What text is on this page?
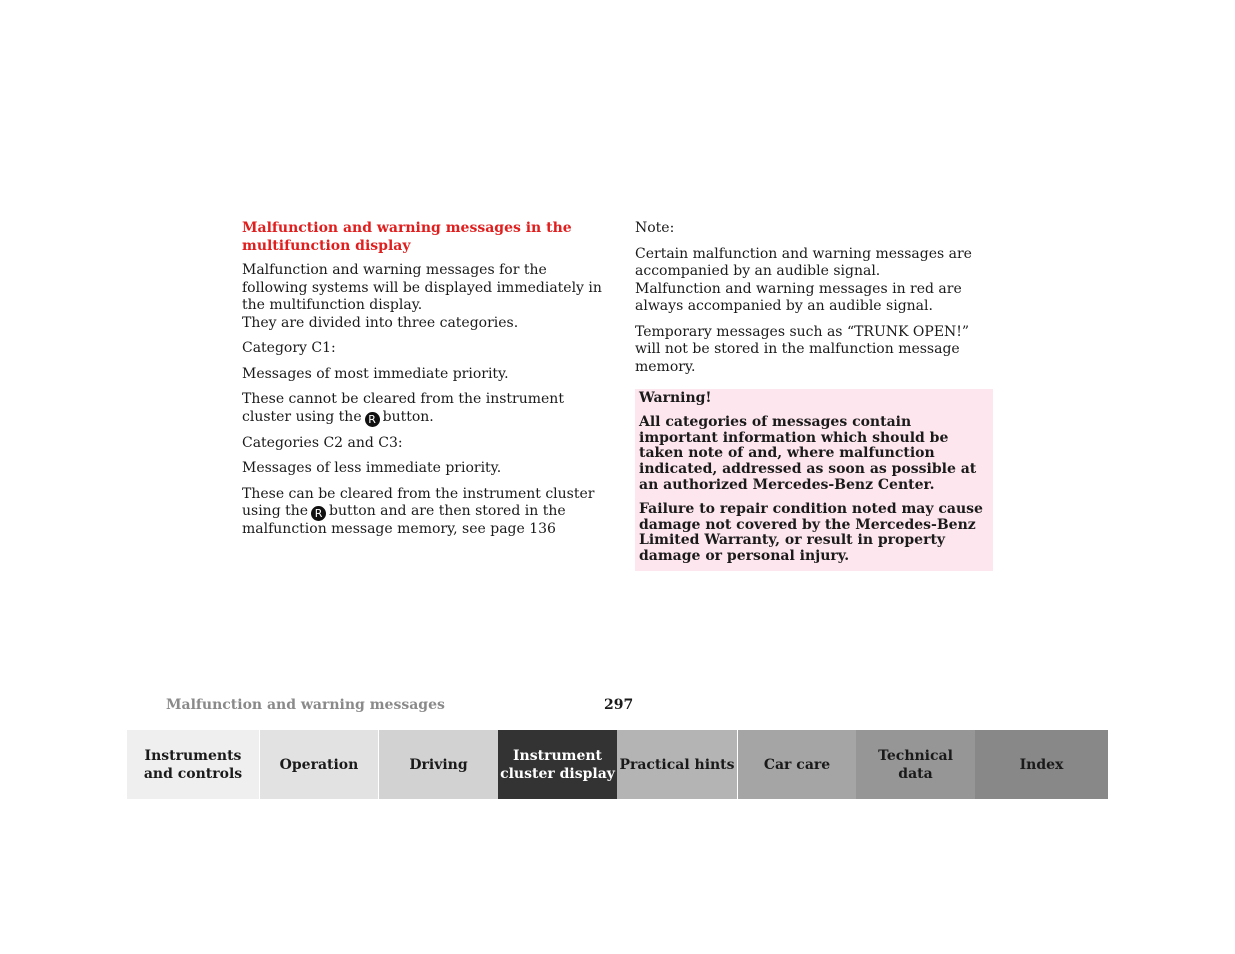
Malfunction and warning messages in the multifunction display

Malfunction and warning messages for the following systems will be displayed immediately in the multifunction display.
They are divided into three categories.

Category C1:

Messages of most immediate priority.

These cannot be cleared from the instrument cluster using the R button.

Categories C2 and C3:

Messages of less immediate priority.

These can be cleared from the instrument cluster using the R button and are then stored in the malfunction message memory, see page 136

Note:

Certain malfunction and warning messages are accompanied by an audible signal.
Malfunction and warning messages in red are always accompanied by an audible signal.

Temporary messages such as “TRUNK OPEN!” will not be stored in the malfunction message memory.

Warning!

All categories of messages contain important information which should be taken note of and, where malfunction indicated, addressed as soon as possible at an authorized Mercedes-Benz Center.

Failure to repair condition noted may cause damage not covered by the Mercedes-Benz Limited Warranty, or result in property damage or personal injury.

Malfunction and warning messages	297
Instruments
and controls
Operation	Driving
Instrument
cluster display
Practical hints Car care
Technical
data
Index
